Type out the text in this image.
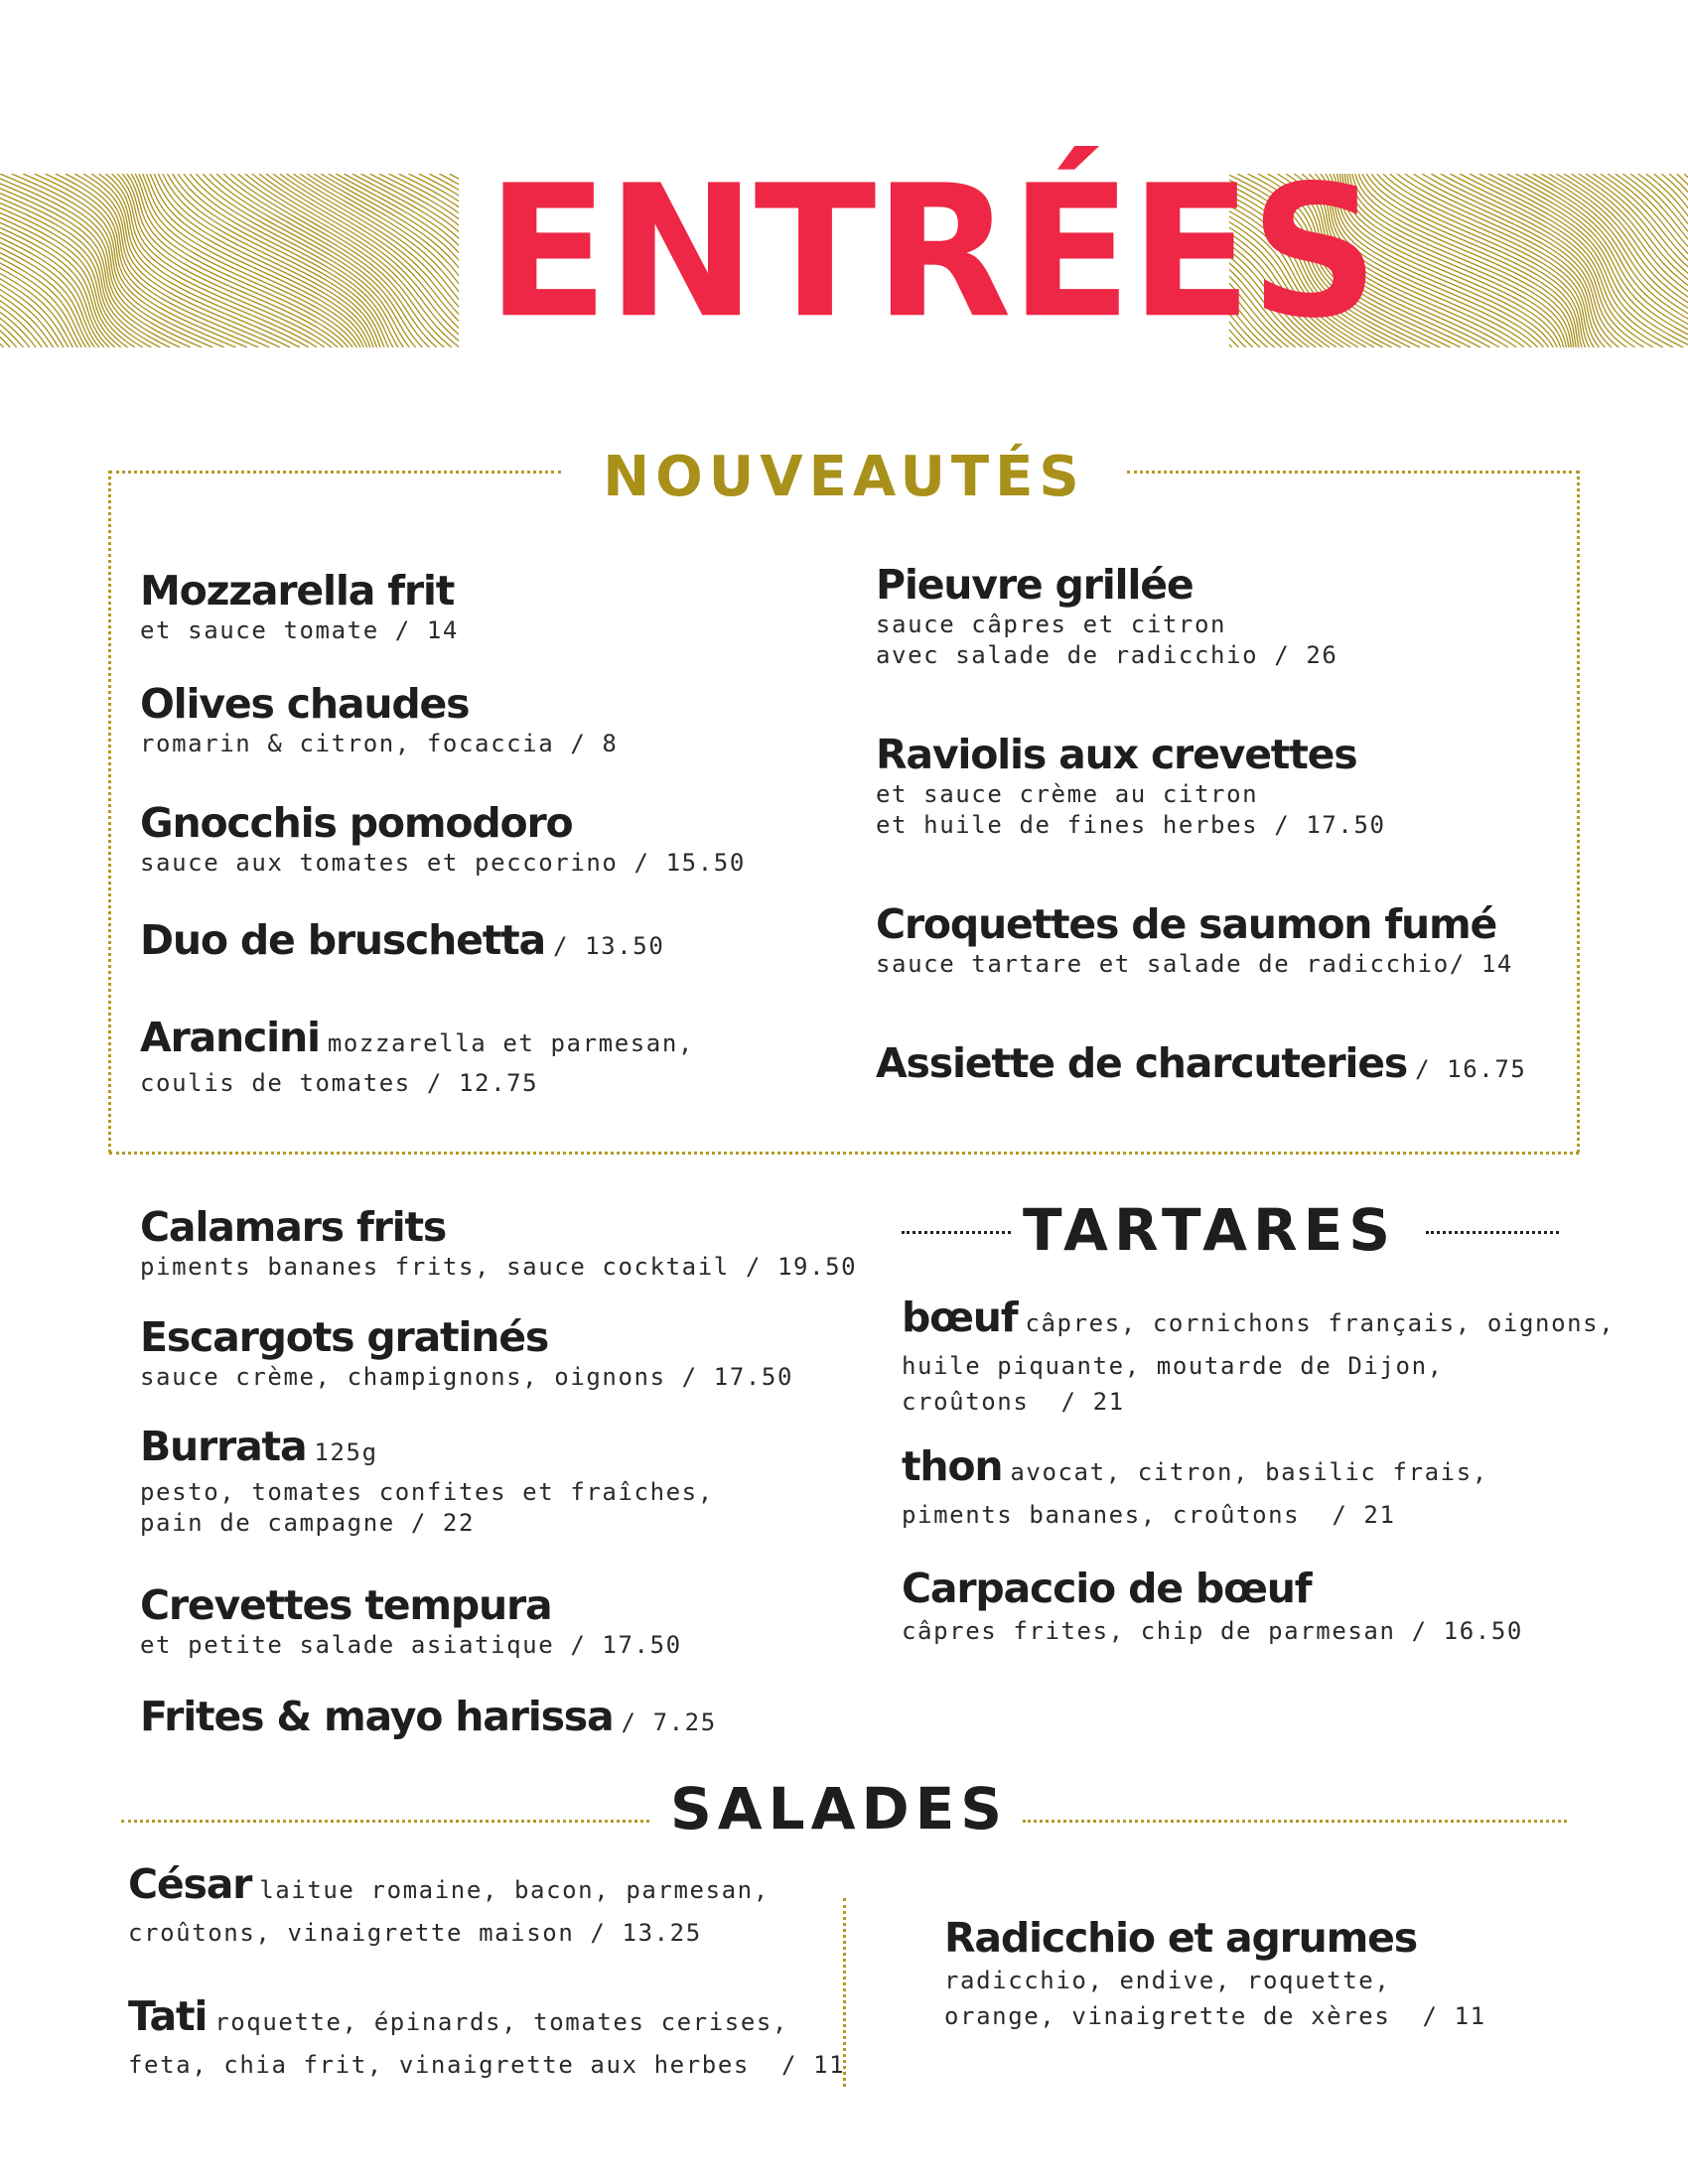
ENTRÉES
NOUVEAUTÉS
Mozzarella frit
et sauce tomate / 14
Olives chaudes
romarin & citron, focaccia / 8
Gnocchis pomodoro
sauce aux tomates et peccorino / 15.50
Duo de bruschetta / 13.50
Arancini mozzarella et parmesan,
coulis de tomates / 12.75
Pieuvre grillée
sauce câpres et citron
avec salade de radicchio / 26
Raviolis aux crevettes
et sauce crème au citron
et huile de fines herbes / 17.50
Croquettes de saumon fumé
sauce tartare et salade de radicchio/ 14
Assiette de charcuteries / 16.75
Calamars frits
piments bananes frits, sauce cocktail / 19.50
Escargots gratinés
sauce crème, champignons, oignons / 17.50
Burrata 125g
pesto, tomates confites et fraîches,
pain de campagne / 22
Crevettes tempura
et petite salade asiatique / 17.50
Frites & mayo harissa / 7.25
TARTARES
bœuf câpres, cornichons français, oignons,
huile piquante, moutarde de Dijon,
croûtons  / 21
thon avocat, citron, basilic frais,
piments bananes, croûtons  / 21
Carpaccio de bœuf
câpres frites, chip de parmesan / 16.50
SALADES
César laitue romaine, bacon, parmesan,
croûtons, vinaigrette maison / 13.25
Tati roquette, épinards, tomates cerises,
feta, chia frit, vinaigrette aux herbes  / 11
Radicchio et agrumes
radicchio, endive, roquette,
orange, vinaigrette de xères  / 11
